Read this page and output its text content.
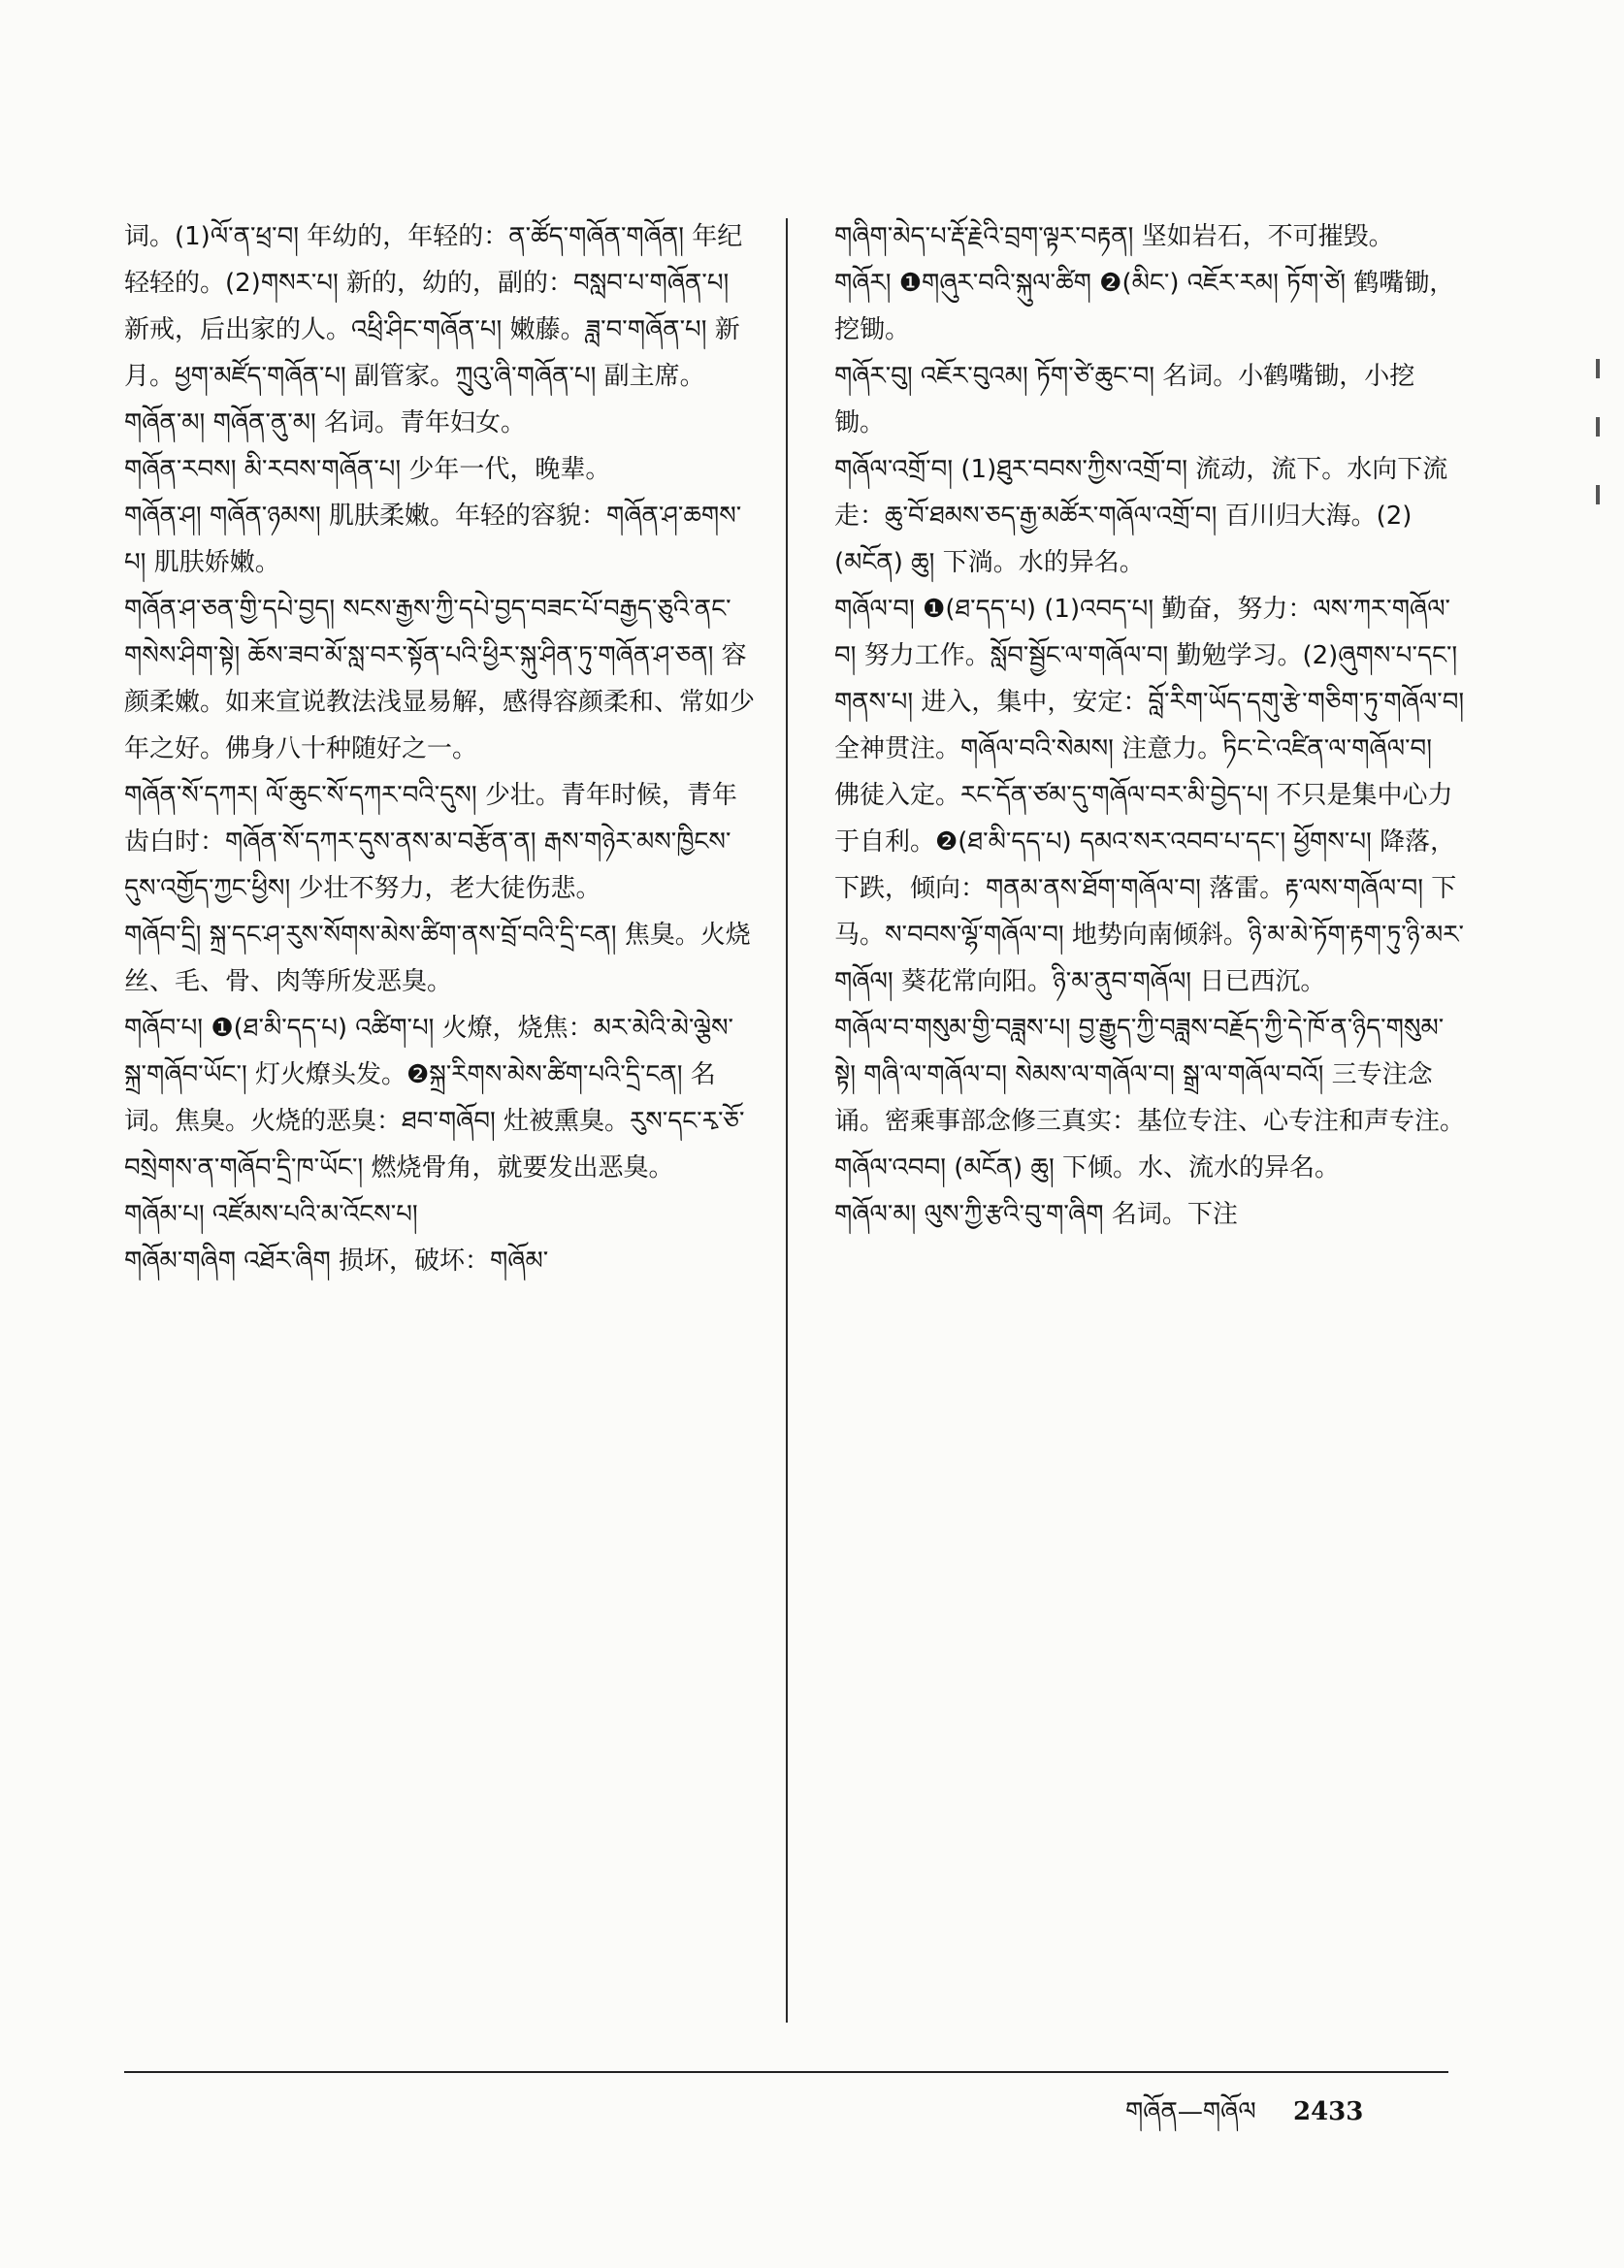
词。(1)ལོ་ན་ཕྲ་བ། 年幼的，年轻的：ན་ཚོད་གཞོན་གཞོན། 年纪轻轻的。(2)གསར་པ། 新的，幼的，副的：བསླབ་པ་གཞོན་པ། 新戒，后出家的人。འཕྲི་ཤིང་གཞོན་པ། 嫩藤。ཟླ་བ་གཞོན་པ། 新月。ཕྱག་མཛོད་གཞོན་པ། 副管家。ཀྲུའུ་ཞི་གཞོན་པ། 副主席。

གཞོན་མ། གཞོན་ནུ་མ། 名词。青年妇女。

གཞོན་རབས། མི་རབས་གཞོན་པ། 少年一代，晚辈。

གཞོན་ཤ། གཞོན་ཉམས། 肌肤柔嫩。年轻的容貌：གཞོན་ཤ་ཆགས་པ། 肌肤娇嫩。

གཞོན་ཤ་ཅན་གྱི་དཔེ་བྱད། སངས་རྒྱས་ཀྱི་དཔེ་བྱད་བཟང་པོ་བརྒྱད་ཅུའི་ནང་གསེས་ཤིག་སྟེ། ཆོས་ཟབ་མོ་སླ་བར་སྟོན་པའི་ཕྱིར་སྐུ་ཤིན་ཏུ་གཞོན་ཤ་ཅན། 容颜柔嫩。如来宣说教法浅显易解，感得容颜柔和、常如少年之好。佛身八十种随好之一。

གཞོན་སོ་དཀར། ལོ་ཆུང་སོ་དཀར་བའི་དུས། 少壮。青年时候，青年齿白时：གཞོན་སོ་དཀར་དུས་ནས་མ་བརྩོན་ན། རྒས་གཉེར་མས་ཁྱིངས་དུས་འགྱོད་ཀྱང་ཕྱིས། 少壮不努力，老大徒伤悲。

གཞོབ་དྲི། སྐྲ་དང་ཤ་རུས་སོགས་མེས་ཚིག་ནས་བྲོ་བའི་དྲི་ངན། 焦臭。火烧丝、毛、骨、肉等所发恶臭。

གཞོབ་པ། ❶(ཐ་མི་དད་པ) འཚིག་པ། 火燎，烧焦：མར་མེའི་མེ་ལྕེས་སྐྲ་གཞོབ་ཡོང་། 灯火燎头发。❷སྐྲ་རིགས་མེས་ཚིག་པའི་དྲི་ངན། 名词。焦臭。火烧的恶臭：ཐབ་གཞོབ། 灶被熏臭。རུས་དང་རྭ་ཅོ་བསྲེགས་ན་གཞོབ་དྲི་ཁ་ཡོང་། 燃烧骨角，就要发出恶臭。

གཞོམ་པ། འཛོམས་པའི་མ་འོངས་པ།

གཞོམ་གཞིག འཐོར་ཞིག 损坏，破坏：གཞོམ་

གཞིག་མེད་པ་རྡོ་རྗེའི་བྲག་ལྟར་བརྟན། 坚如岩石，不可摧毁。

གཞོར། ❶གཞུར་བའི་སྐུལ་ཚིག ❷(མིང་) འཇོར་རམ། ཏོག་ཙེ། 鹤嘴锄，挖锄。

གཞོར་བུ། འཇོར་བུའམ། ཏོག་ཙེ་ཆུང་བ། 名词。小鹤嘴锄，小挖锄。

གཞོལ་འགྲོ་བ། (1)ཐུར་བབས་ཀྱིས་འགྲོ་བ། 流动，流下。水向下流走：ཆུ་བོ་ཐམས་ཅད་རྒྱ་མཚོར་གཞོལ་འགྲོ་བ། 百川归大海。(2)(མངོན) ཆུ། 下淌。水的异名。

གཞོལ་བ། ❶(ཐ་དད་པ) (1)འབད་པ། 勤奋，努力：ལས་ཀར་གཞོལ་བ། 努力工作。སློབ་སྦྱོང་ལ་གཞོལ་བ། 勤勉学习。(2)ཞུགས་པ་དང་། གནས་པ། 进入，集中，安定：བློ་རིག་ཡོད་དགུ་རྩེ་གཅིག་ཏུ་གཞོལ་བ། 全神贯注。གཞོལ་བའི་སེམས། 注意力。ཏིང་ངེ་འཛིན་ལ་གཞོལ་བ། 佛徒入定。རང་དོན་ཙམ་དུ་གཞོལ་བར་མི་བྱེད་པ། 不只是集中心力于自利。❷(ཐ་མི་དད་པ) དམའ་སར་འབབ་པ་དང་། ཕྱོགས་པ། 降落，下跌，倾向：གནམ་ནས་ཐོག་གཞོལ་བ། 落雷。རྟ་ལས་གཞོལ་བ། 下马。ས་བབས་ལྷོ་གཞོལ་བ། 地势向南倾斜。ཉི་མ་མེ་ཏོག་རྟག་ཏུ་ཉི་མར་གཞོལ། 葵花常向阳。ཉི་མ་ནུབ་གཞོལ། 日已西沉。

གཞོལ་བ་གསུམ་གྱི་བཟླས་པ། བྱ་རྒྱུད་ཀྱི་བཟླས་བརྗོད་ཀྱི་དེ་ཁོ་ན་ཉིད་གསུམ་སྟེ། གཞི་ལ་གཞོལ་བ། སེམས་ལ་གཞོལ་བ། སྒྲ་ལ་གཞོལ་བའོ། 三专注念诵。密乘事部念修三真实：基位专注、心专注和声专注。

གཞོལ་འབབ། (མངོན) ཆུ། 下倾。水、流水的异名。

གཞོལ་མ། ལུས་ཀྱི་རྩའི་བུ་ག་ཞིག 名词。下注

གཞོན—གཞོལ 2433
